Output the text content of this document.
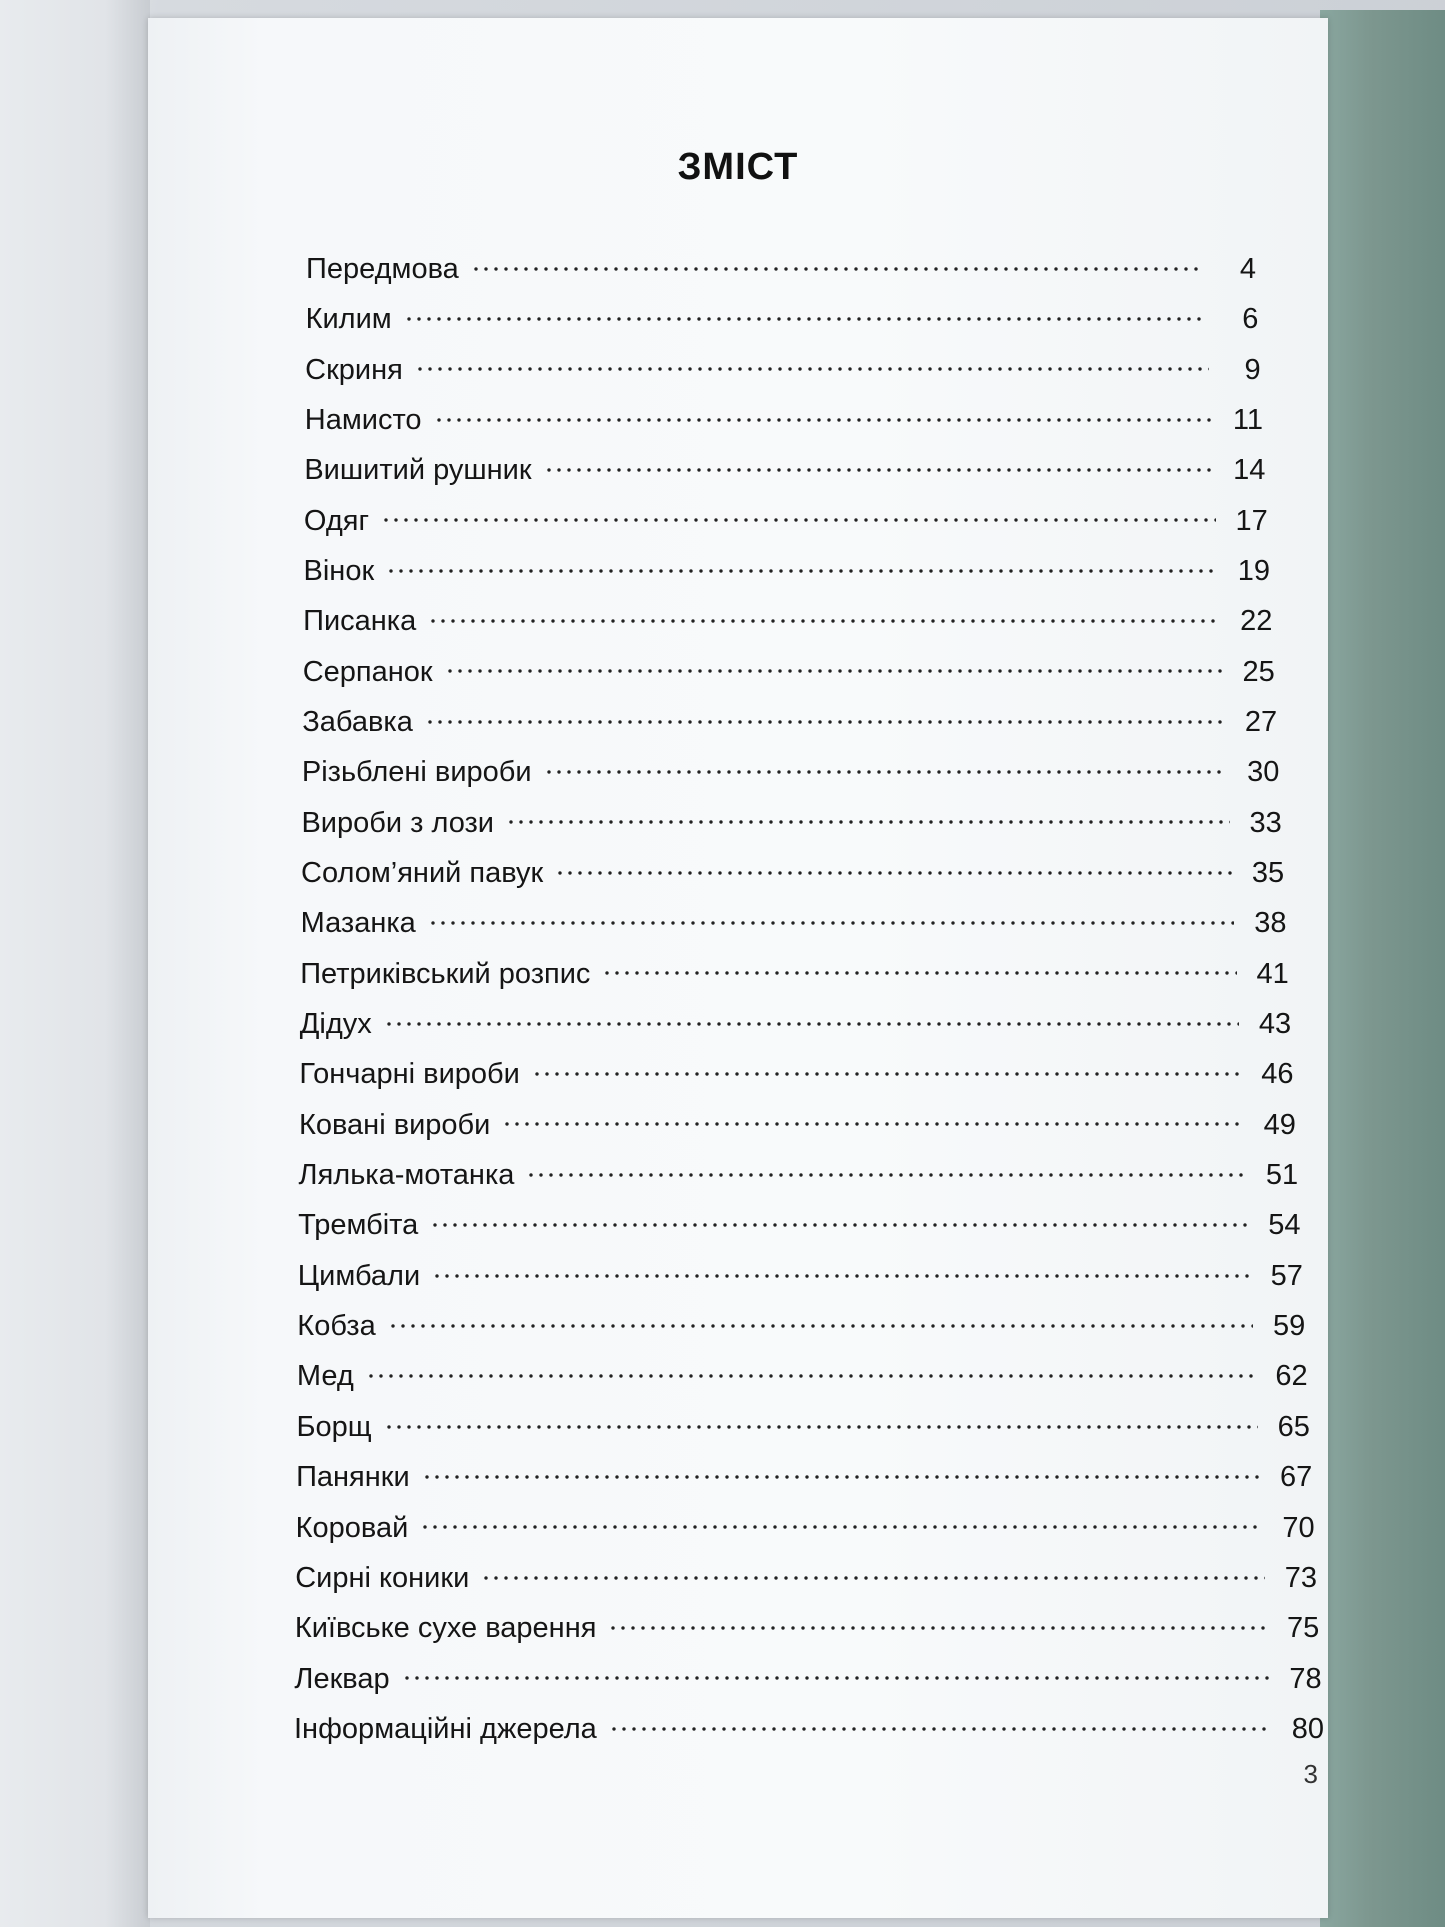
ЗМІСТ
Передмова	4
Килим	6
Скриня	9
Намисто	11
Вишитий рушник	14
Одяг	17
Вінок	19
Писанка	22
Серпанок	25
Забавка	27
Різьблені вироби	30
Вироби з лози	33
Солом’яний павук	35
Мазанка	38
Петриківський розпис	41
Дідух	43
Гончарні вироби	46
Ковані вироби	49
Лялька-мотанка	51
Трембіта	54
Цимбали	57
Кобза	59
Мед	62
Борщ	65
Панянки	67
Коровай	70
Сирні коники	73
Київське сухе варення	75
Леквар	78
Інформаційні джерела	80
3
